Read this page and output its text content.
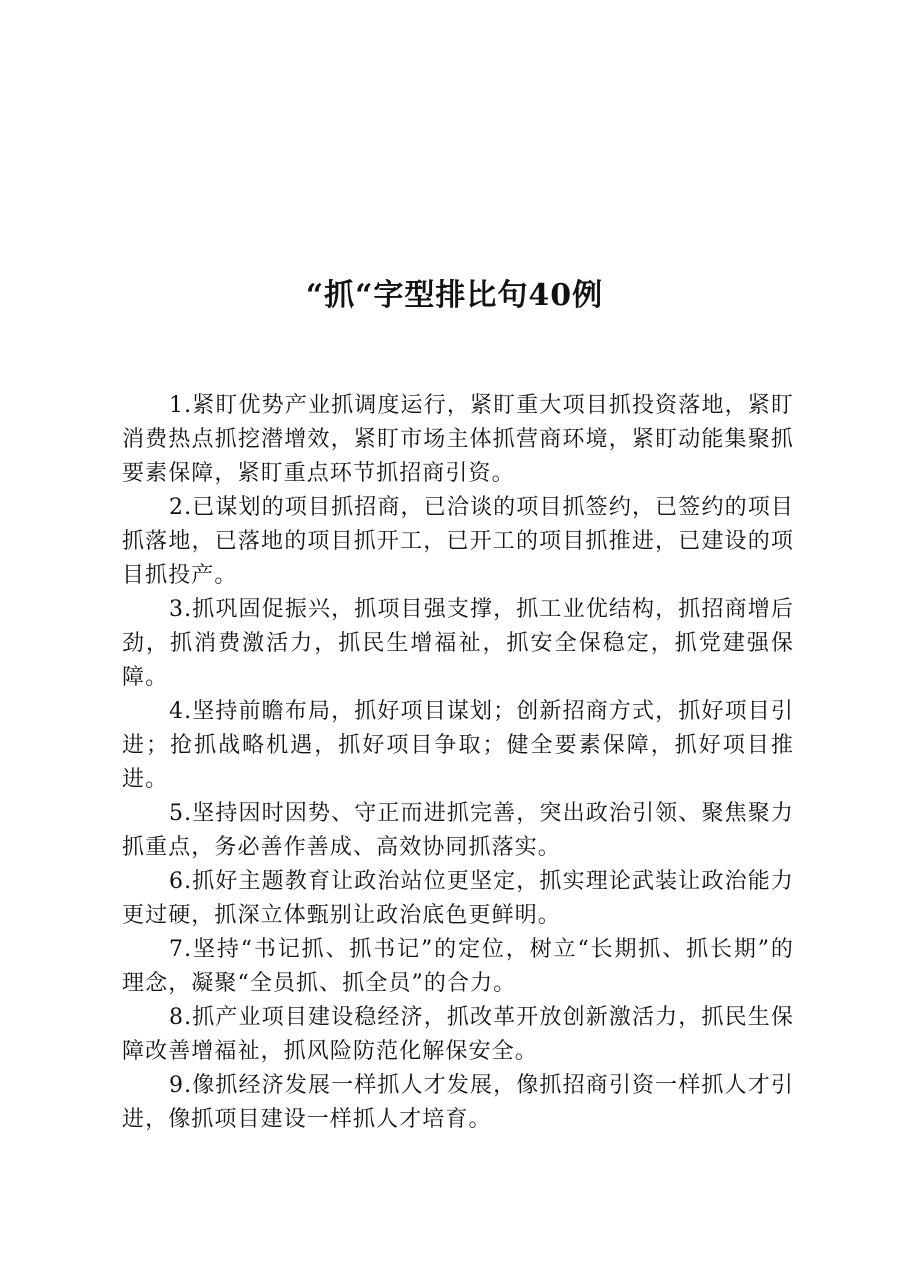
“抓“字型排比句40例

1.紧盯优势产业抓调度运行，紧盯重大项目抓投资落地，紧盯消费热点抓挖潜增效，紧盯市场主体抓营商环境，紧盯动能集聚抓要素保障，紧盯重点环节抓招商引资。

2.已谋划的项目抓招商，已洽谈的项目抓签约，已签约的项目抓落地，已落地的项目抓开工，已开工的项目抓推进，已建设的项目抓投产。

3.抓巩固促振兴，抓项目强支撑，抓工业优结构，抓招商增后劲，抓消费激活力，抓民生增福祉，抓安全保稳定，抓党建强保障。

4.坚持前瞻布局，抓好项目谋划；创新招商方式，抓好项目引进；抢抓战略机遇，抓好项目争取；健全要素保障，抓好项目推进。

5.坚持因时因势、守正而进抓完善，突出政治引领、聚焦聚力抓重点，务必善作善成、高效协同抓落实。

6.抓好主题教育让政治站位更坚定，抓实理论武装让政治能力更过硬，抓深立体甄别让政治底色更鲜明。

7.坚持“书记抓、抓书记”的定位，树立“长期抓、抓长期”的理念，凝聚“全员抓、抓全员”的合力。

8.抓产业项目建设稳经济，抓改革开放创新激活力，抓民生保障改善增福祉，抓风险防范化解保安全。

9.像抓经济发展一样抓人才发展，像抓招商引资一样抓人才引进，像抓项目建设一样抓人才培育。
